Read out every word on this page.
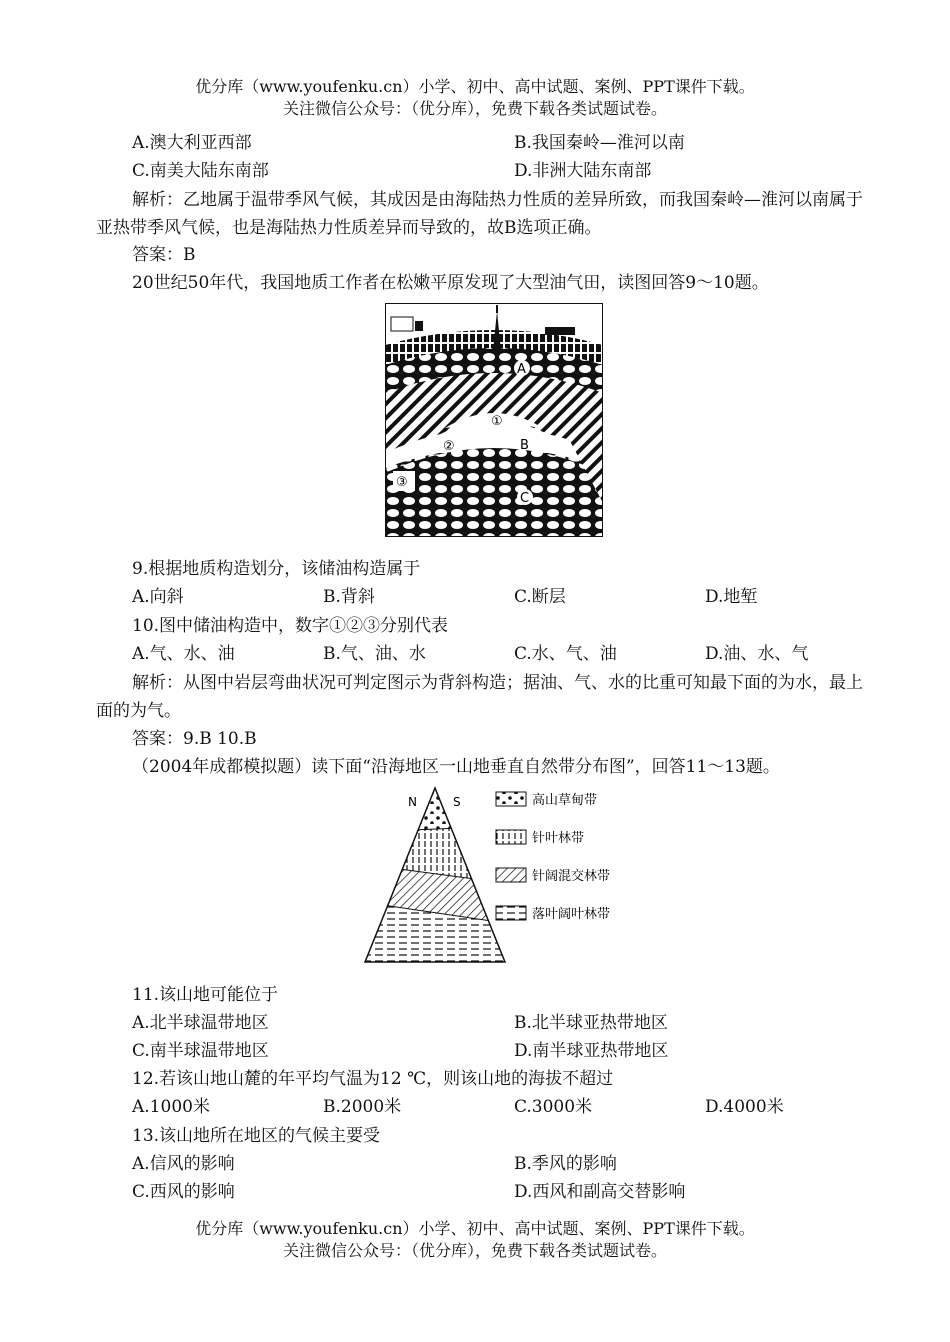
优分库（www.youfenku.cn）小学、初中、高中试题、案例、PPT课件下载。
关注微信公众号：（优分库），免费下载各类试题试卷。
A.澳大利亚西部	B.我国秦岭—淮河以南
C.南美大陆东南部	D.非洲大陆东南部
解析：乙地属于温带季风气候，其成因是由海陆热力性质的差异所致，而我国秦岭—淮河以南属于亚热带季风气候，也是海陆热力性质差异而导致的，故B选项正确。
答案：B
20世纪50年代，我国地质工作者在松嫩平原发现了大型油气田，读图回答9～10题。
A
①
②	B
③
C
9.根据地质构造划分，该储油构造属于
A.向斜	B.背斜	C.断层	D.地堑
10.图中储油构造中，数字①②③分别代表
A.气、水、油	B.气、油、水	C.水、气、油	D.油、水、气
解析：从图中岩层弯曲状况可判定图示为背斜构造；据油、气、水的比重可知最下面的为水，最上面的为气。
答案：9.B 10.B
（2004年成都模拟题）读下面“沿海地区一山地垂直自然带分布图”，回答11～13题。
N	S	高山草甸带
针叶林带
针阔混交林带
落叶阔叶林带
11.该山地可能位于
A.北半球温带地区	B.北半球亚热带地区
C.南半球温带地区	D.南半球亚热带地区
12.若该山地山麓的年平均气温为12 ℃，则该山地的海拔不超过
A.1000米	B.2000米	C.3000米	D.4000米
13.该山地所在地区的气候主要受
A.信风的影响	B.季风的影响
C.西风的影响	D.西风和副高交替影响
优分库（www.youfenku.cn）小学、初中、高中试题、案例、PPT课件下载。
关注微信公众号：（优分库），免费下载各类试题试卷。
